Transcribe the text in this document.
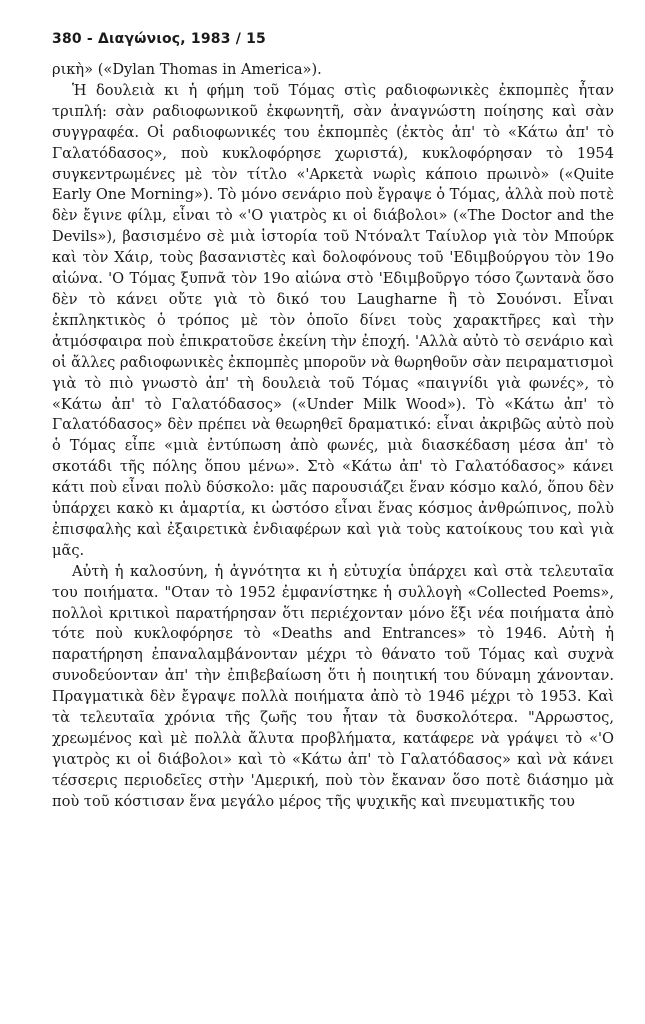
380 - Διαγώνιος, 1983 / 15

ρικὴ» («Dylan Thomas in America»).

Ἡ δουλειὰ κι ἡ φήμη τοῦ Τόμας στὶς ραδιοφωνικὲς ἐκπομπὲς ἦταν τριπλή: σὰν ραδιοφωνικοῦ ἐκφωνητῆ, σὰν ἀναγνώστη ποίησης καὶ σὰν συγγραφέα. Οἱ ραδιοφωνικές του ἐκπομπὲς (ἐκτὸς ἀπ' τὸ «Κάτω ἀπ' τὸ Γαλατόδασος», ποὺ κυκλοφόρησε χωριστά), κυκλοφόρησαν τὸ 1954 συγκεντρωμένες μὲ τὸν τίτλο «'Αρκετὰ νωρὶς κάποιο πρωινὸ» («Quite Early One Morning»). Τὸ μόνο σενάριο ποὺ ἔγραψε ὁ Τόμας, ἀλλὰ ποὺ ποτὲ δὲν ἔγινε φίλμ, εἶναι τὸ «'Ο γιατρὸς κι οἱ διάβολοι» («The Doctor and the Devils»), βασισμένο σὲ μιὰ ἱστορία τοῦ Ντόναλτ Ταίυλορ γιὰ τὸν Μπούρκ καὶ τὸν Χάιρ, τοὺς βασανιστὲς καὶ δολοφόνους τοῦ 'Εδιμβούργου τὸν 19ο αἰώνα. 'Ο Τόμας ξυπνᾶ τὸν 19ο αἰώνα στὸ 'Εδιμβοῦργο τόσο ζωντανὰ ὅσο δὲν τὸ κάνει οὔτε γιὰ τὸ δικό του Laugharne ἢ τὸ Σουόνσι. Εἶναι ἐκπληκτικὸς ὁ τρόπος μὲ τὸν ὁποῖο δίνει τοὺς χαρακτῆρες καὶ τὴν ἀτμόσφαιρα ποὺ ἐπικρατοῦσε ἐκείνη τὴν ἐποχή. 'Αλλὰ αὐτὸ τὸ σενάριο καὶ οἱ ἄλλες ραδιοφωνικὲς ἐκπομπὲς μποροῦν νὰ θωρηθοῦν σὰν πειραματισμοὶ γιὰ τὸ πιὸ γνωστὸ ἀπ' τὴ δουλειὰ τοῦ Τόμας «παιγνίδι γιὰ φωνές», τὸ «Κάτω ἀπ' τὸ Γαλατόδασος» («Under Milk Wood»). Τὸ «Κάτω ἀπ' τὸ Γαλατόδασος» δὲν πρέπει νὰ θεωρηθεῖ δραματικό: εἶναι ἀκριβῶς αὐτὸ ποὺ ὁ Τόμας εἶπε «μιὰ ἐντύπωση ἀπὸ φωνές, μιὰ διασκέδαση μέσα ἀπ' τὸ σκοτάδι τῆς πόλης ὅπου μένω». Στὸ «Κάτω ἀπ' τὸ Γαλατόδασος» κάνει κάτι ποὺ εἶναι πολὺ δύσκολο: μᾶς παρουσιάζει ἕναν κόσμο καλό, ὅπου δὲν ὑπάρχει κακὸ κι ἁμαρτία, κι ὡστόσο εἶναι ἕνας κόσμος ἀνθρώπινος, πολὺ ἐπισφαλὴς καὶ ἐξαιρετικὰ ἐνδιαφέρων καὶ γιὰ τοὺς κατοίκους του καὶ γιὰ μᾶς.

Αὐτὴ ἡ καλοσύνη, ἡ ἁγνότητα κι ἡ εὐτυχία ὑπάρχει καὶ στὰ τελευταῖα του ποιήματα. "Οταν τὸ 1952 ἐμφανίστηκε ἡ συλλογὴ «Collected Poems», πολλοὶ κριτικοὶ παρατήρησαν ὅτι περιέχονταν μόνο ἕξι νέα ποιήματα ἀπὸ τότε ποὺ κυκλοφόρησε τὸ «Deaths and Entrances» τὸ 1946. Αὐτὴ ἡ παρατήρηση ἐπαναλαμβάνονταν μέχρι τὸ θάνατο τοῦ Τόμας καὶ συχνὰ συνοδεύονταν ἀπ' τὴν ἐπιβεβαίωση ὅτι ἡ ποιητική του δύναμη χάνονταν. Πραγματικὰ δὲν ἔγραψε πολλὰ ποιήματα ἀπὸ τὸ 1946 μέχρι τὸ 1953. Καὶ τὰ τελευταῖα χρόνια τῆς ζωῆς του ἦταν τὰ δυσκολότερα. "Αρρωστος, χρεωμένος καὶ μὲ πολλὰ ἄλυτα προβλήματα, κατάφερε νὰ γράψει τὸ «'Ο γιατρὸς κι οἱ διάβολοι» καὶ τὸ «Κάτω ἀπ' τὸ Γαλατόδασος» καὶ νὰ κάνει τέσσερις περιοδεῖες στὴν 'Αμερική, ποὺ τὸν ἔκαναν ὅσο ποτὲ διάσημο μὰ ποὺ τοῦ κόστισαν ἕνα μεγάλο μέρος τῆς ψυχικῆς καὶ πνευματικῆς του
